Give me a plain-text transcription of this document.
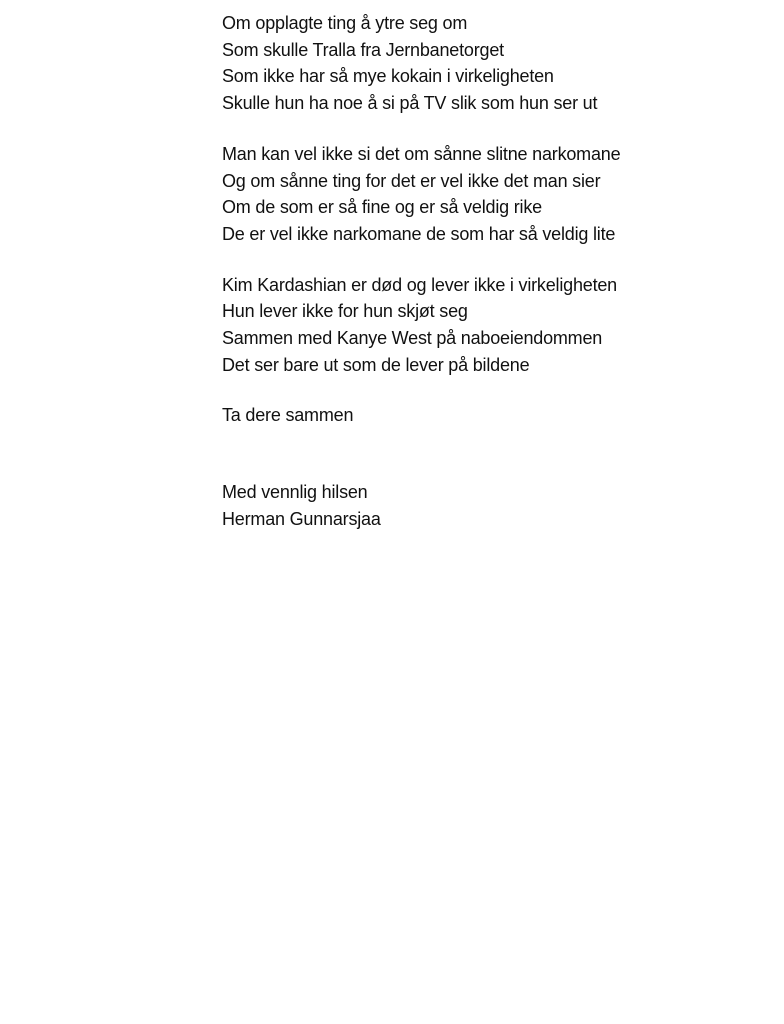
Om opplagte ting å ytre seg om
Som skulle Tralla fra Jernbanetorget
Som ikke har så mye kokain i virkeligheten
Skulle hun ha noe å si på TV slik som hun ser ut
Man kan vel ikke si det om sånne slitne narkomane
Og om sånne ting for det er vel ikke det man sier
Om de som er så fine og er så veldig rike
De er vel ikke narkomane de som har så veldig lite
Kim Kardashian er død og lever ikke i virkeligheten
Hun lever ikke for hun skjøt seg
Sammen med Kanye West på naboeiendommen
Det ser bare ut som de lever på bildene
Ta dere sammen
Med vennlig hilsen
Herman Gunnarsjaa
